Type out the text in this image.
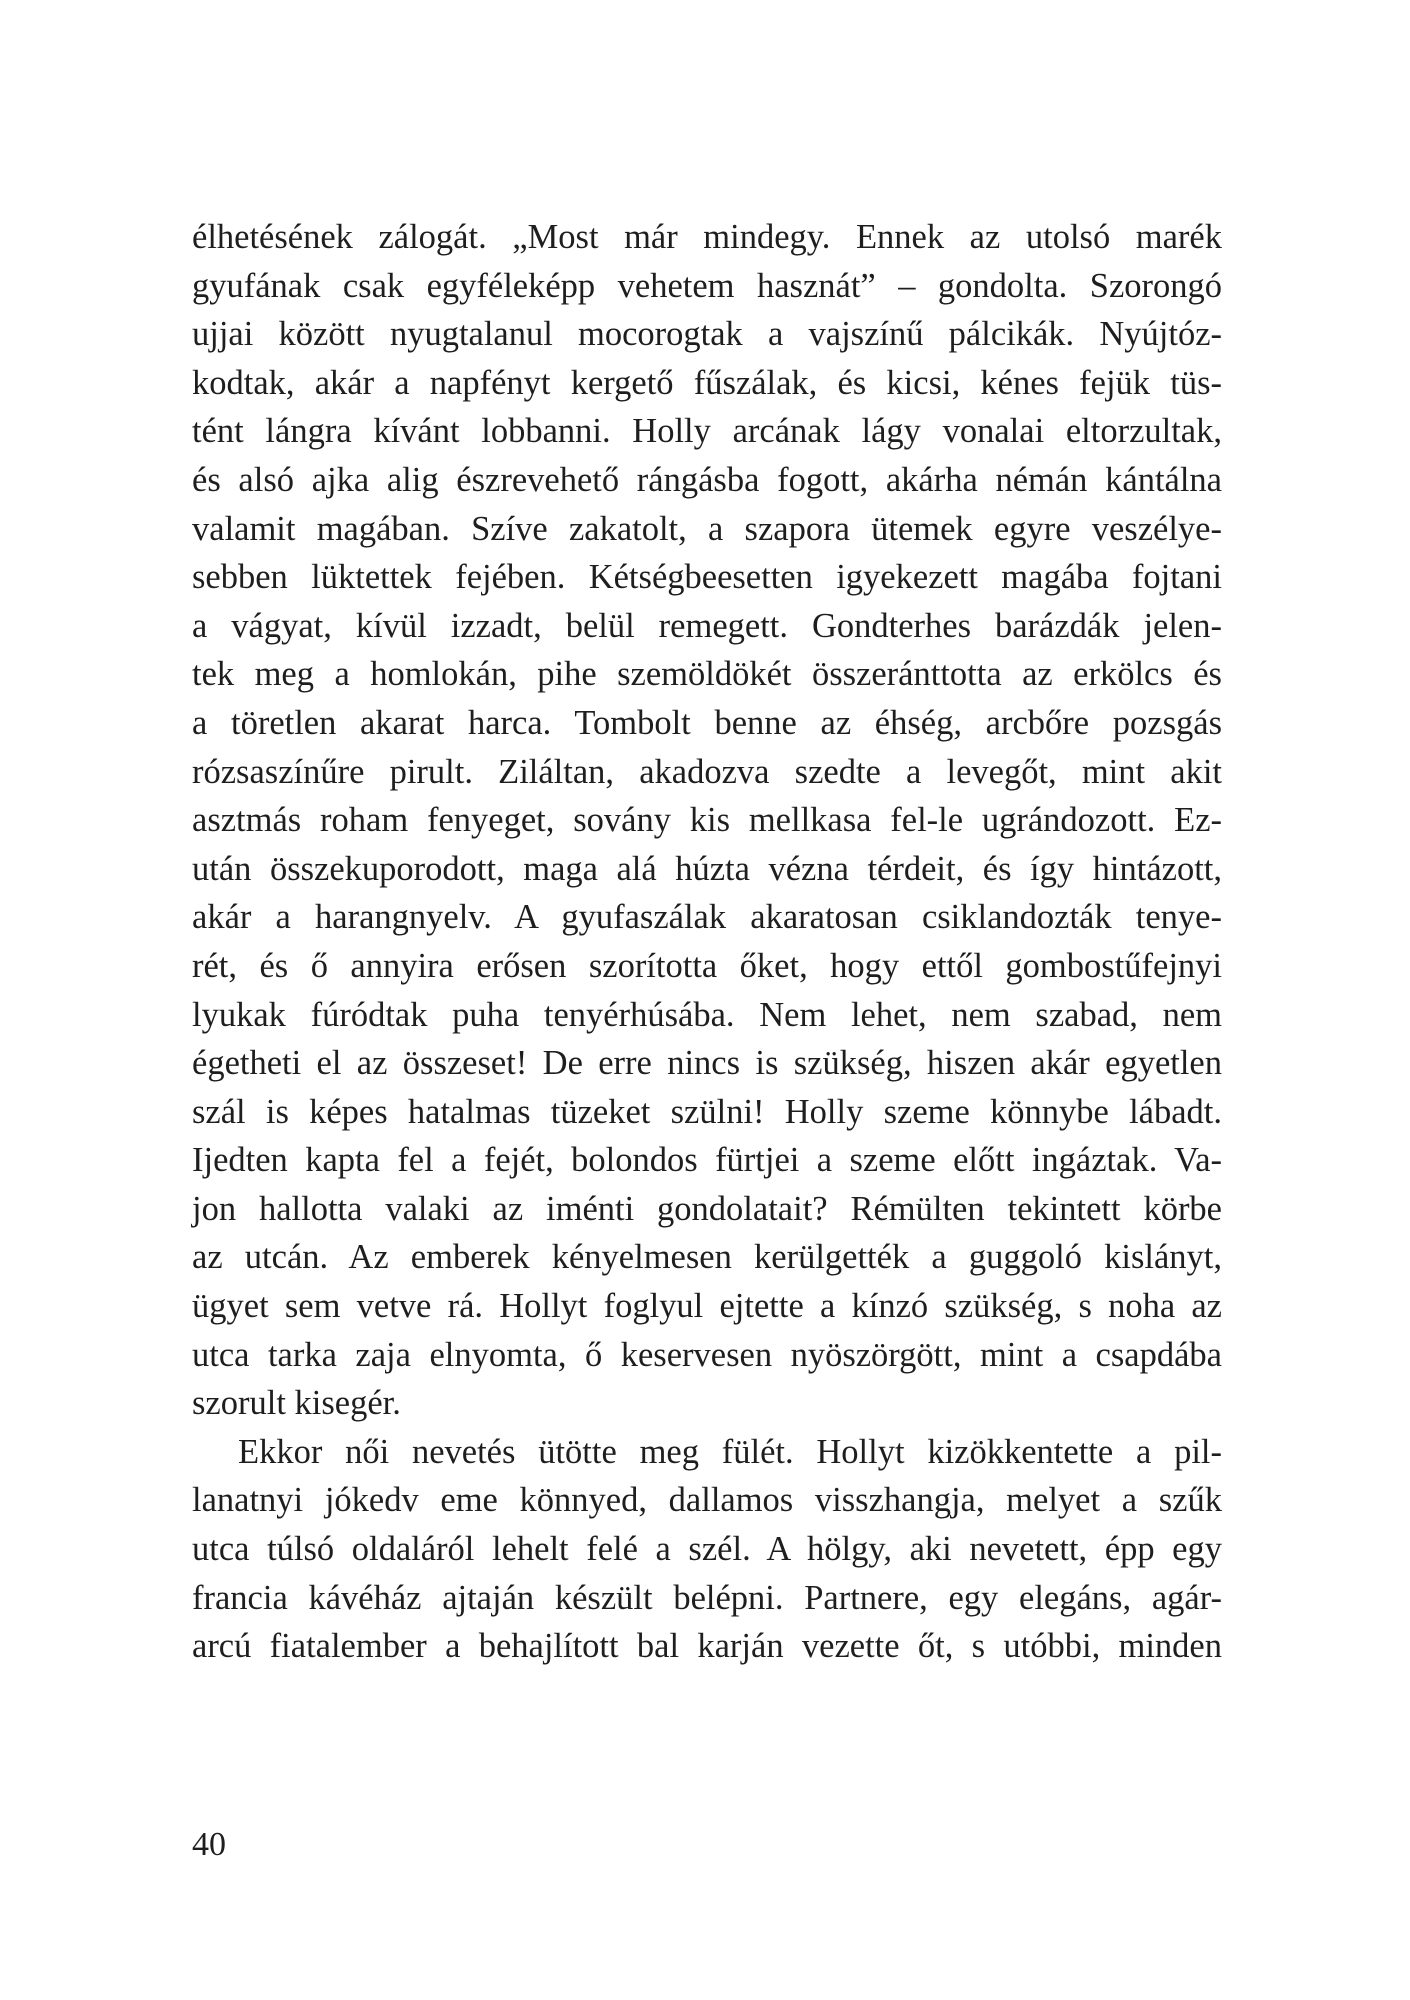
élhetésének zálogát. „Most már mindegy. Ennek az utolsó marék
gyufának csak egyféleképp vehetem hasznát” – gondolta. Szorongó
ujjai között nyugtalanul mocorogtak a vajszínű pálcikák. Nyújtóz-
kodtak, akár a napfényt kergető fűszálak, és kicsi, kénes fejük tüs-
tént lángra kívánt lobbanni. Holly arcának lágy vonalai eltorzultak,
és alsó ajka alig észrevehető rángásba fogott, akárha némán kántálna
valamit magában. Szíve zakatolt, a szapora ütemek egyre veszélye-
sebben lüktettek fejében. Kétségbeesetten igyekezett magába fojtani
a vágyat, kívül izzadt, belül remegett. Gondterhes barázdák jelen-
tek meg a homlokán, pihe szemöldökét összeránttotta az erkölcs és
a töretlen akarat harca. Tombolt benne az éhség, arcbőre pozsgás
rózsaszínűre pirult. Ziláltan, akadozva szedte a levegőt, mint akit
asztmás roham fenyeget, sovány kis mellkasa fel-le ugrándozott. Ez-
után összekuporodott, maga alá húzta vézna térdeit, és így hintázott,
akár a harangnyelv. A gyufaszálak akaratosan csiklandozták tenye-
rét, és ő annyira erősen szorította őket, hogy ettől gombostűfejnyi
lyukak fúródtak puha tenyérhúsába. Nem lehet, nem szabad, nem
égetheti el az összeset! De erre nincs is szükség, hiszen akár egyetlen
szál is képes hatalmas tüzeket szülni! Holly szeme könnybe lábadt.
Ijedten kapta fel a fejét, bolondos fürtjei a szeme előtt ingáztak. Va-
jon hallotta valaki az iménti gondolatait? Rémülten tekintett körbe
az utcán. Az emberek kényelmesen kerülgették a guggoló kislányt,
ügyet sem vetve rá. Hollyt foglyul ejtette a kínzó szükség, s noha az
utca tarka zaja elnyomta, ő keservesen nyöszörgött, mint a csapdába
szorult kisegér.
Ekkor női nevetés ütötte meg fülét. Hollyt kizökkentette a pil-
lanatnyi jókedv eme könnyed, dallamos visszhangja, melyet a szűk
utca túlsó oldaláról lehelt felé a szél. A hölgy, aki nevetett, épp egy
francia kávéház ajtaján készült belépni. Partnere, egy elegáns, agár-
arcú fiatalember a behajlított bal karján vezette őt, s utóbbi, minden
40
